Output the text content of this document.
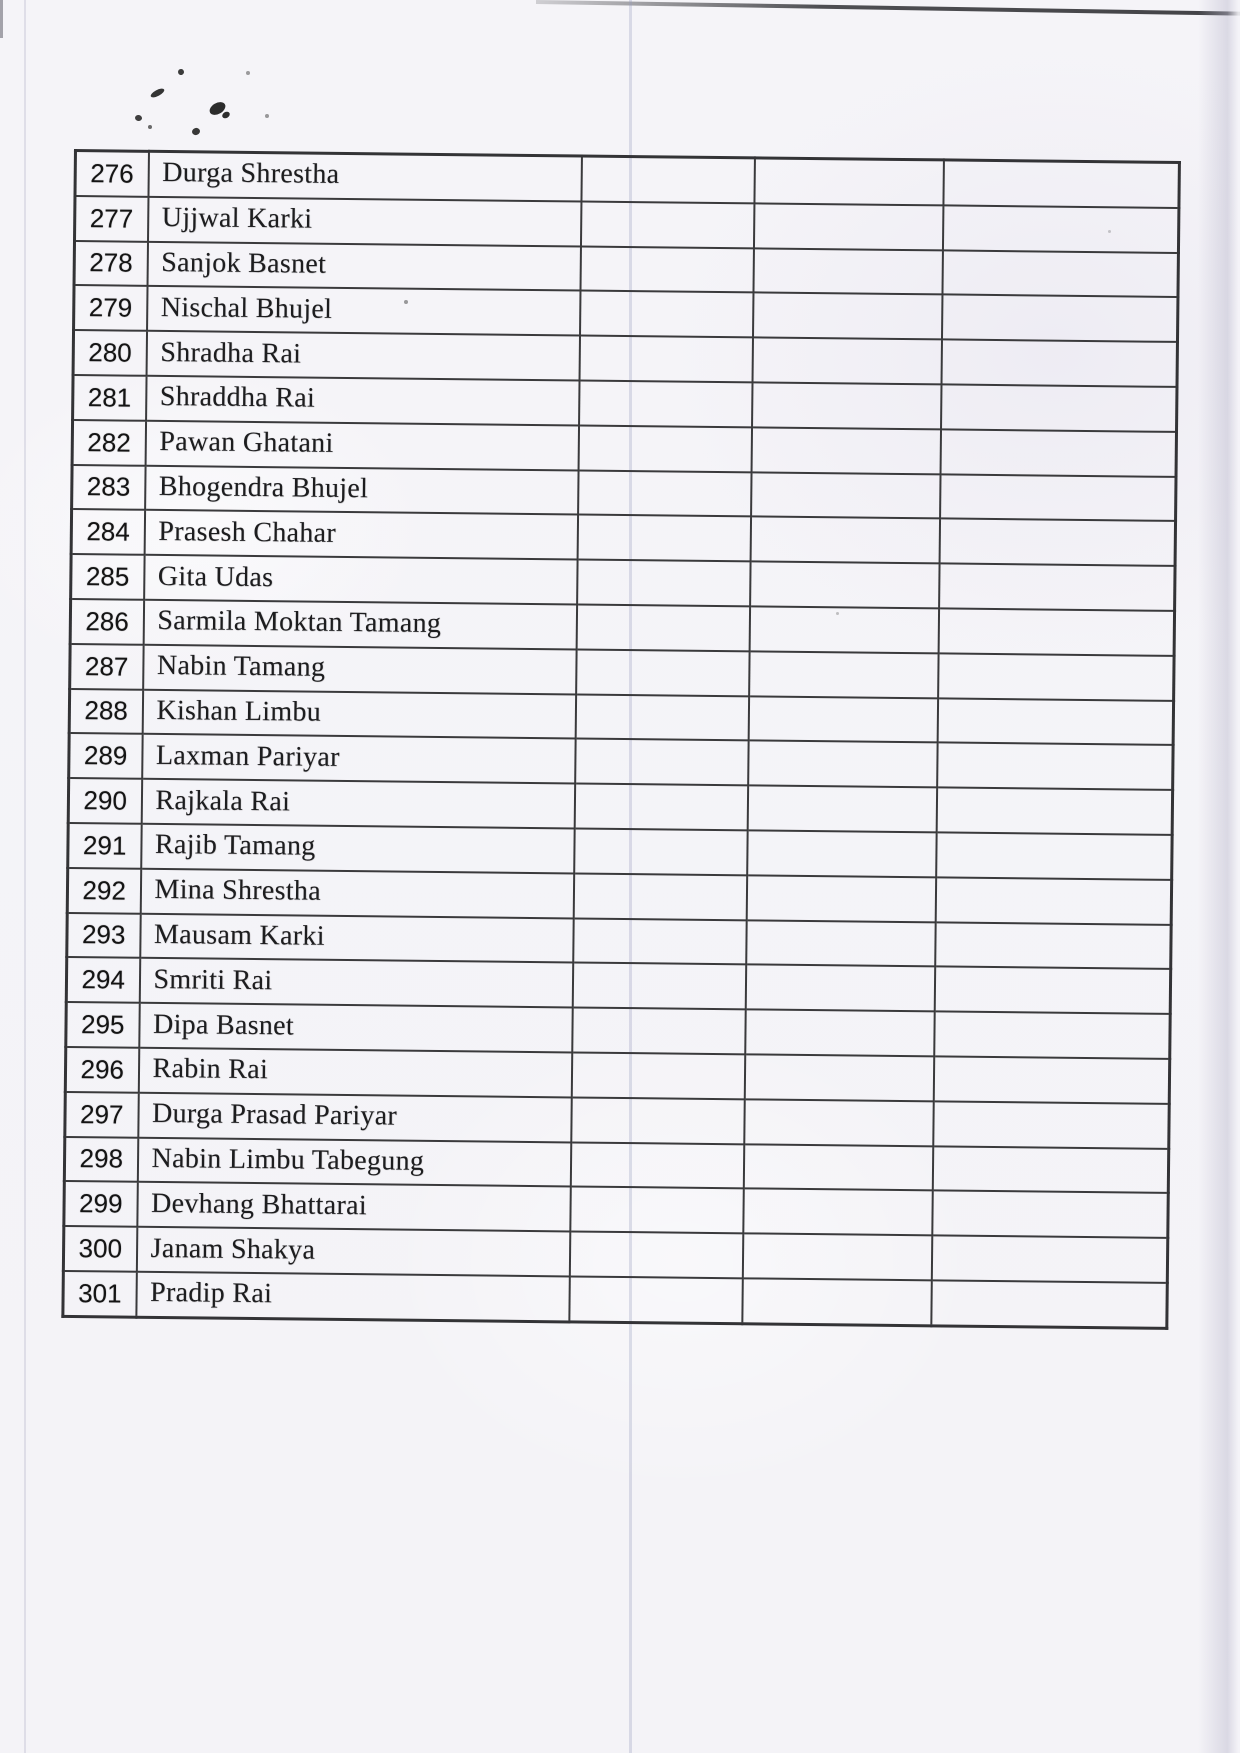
276	Durga Shrestha			
277	Ujjwal Karki			
278	Sanjok Basnet			
279	Nischal Bhujel			
280	Shradha Rai			
281	Shraddha Rai			
282	Pawan Ghatani			
283	Bhogendra Bhujel			
284	Prasesh Chahar			
285	Gita Udas			
286	Sarmila Moktan Tamang			
287	Nabin Tamang			
288	Kishan Limbu			
289	Laxman Pariyar			
290	Rajkala Rai			
291	Rajib Tamang			
292	Mina Shrestha			
293	Mausam Karki			
294	Smriti Rai			
295	Dipa Basnet			
296	Rabin Rai			
297	Durga Prasad Pariyar			
298	Nabin Limbu Tabegung			
299	Devhang Bhattarai			
300	Janam Shakya			
301	Pradip Rai			
